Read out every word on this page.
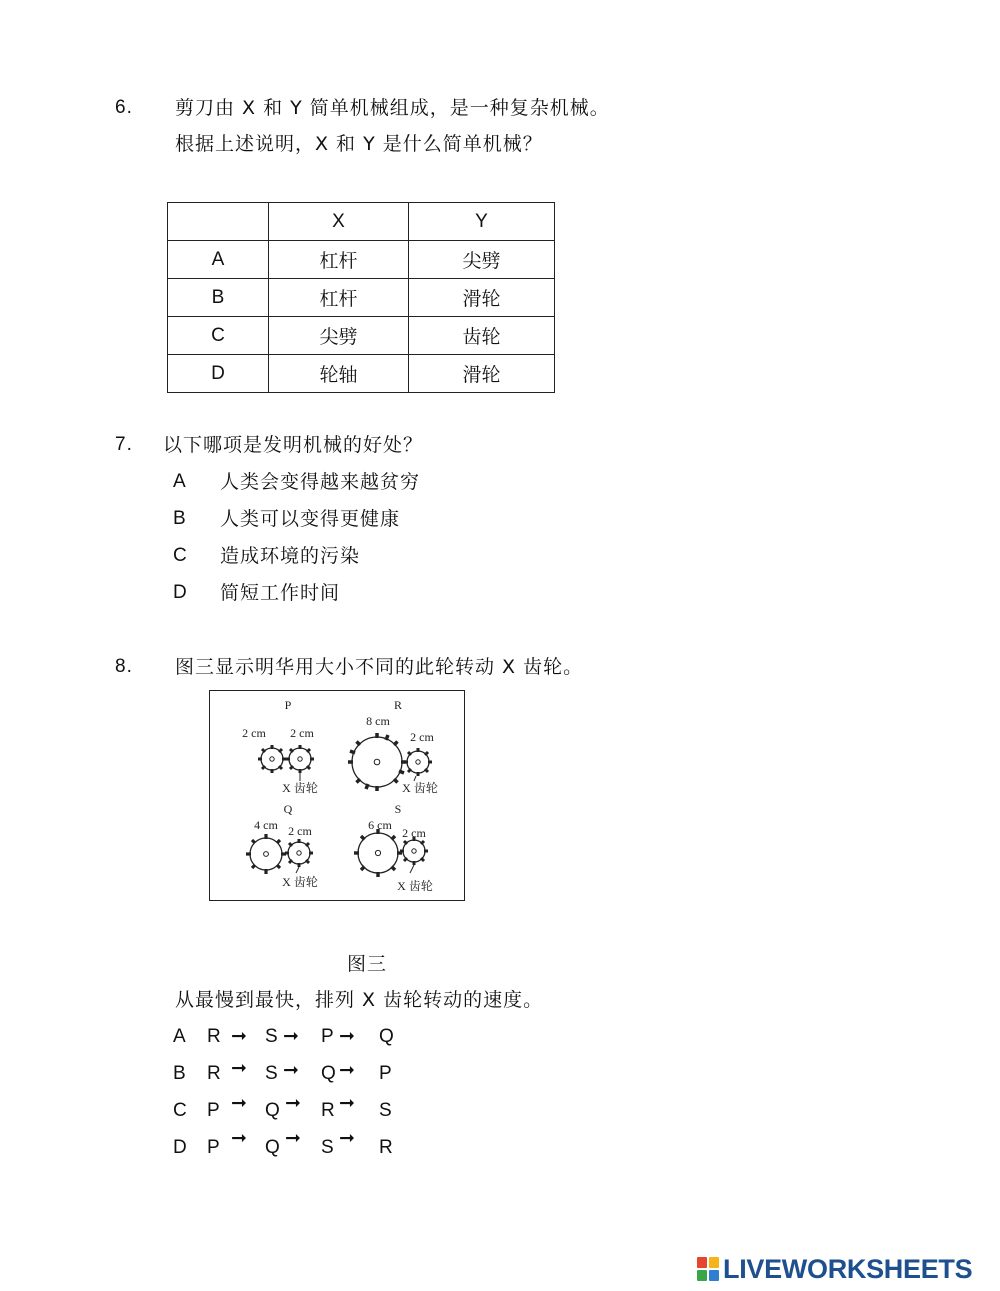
6. 剪刀由 X 和 Y 简单机械组成，是一种复杂机械。
根据上述说明，X 和 Y 是什么简单机械？
	X	Y
A	杠杆	尖劈
B	杠杆	滑轮
C	尖劈	齿轮
D	轮轴	滑轮
7. 以下哪项是发明机械的好处？
A 人类会变得越来越贫穷
B 人类可以变得更健康
C 造成环境的污染
D 简短工作时间
8. 图三显示明华用大小不同的此轮转动 X 齿轮。
P
2 cm 2 cm
X 齿轮
R
8 cm
2 cm
X 齿轮
Q
4 cm 2 cm
X 齿轮
S
6 cm
2 cm
X 齿轮
图三
从最慢到最快，排列 X 齿轮转动的速度。
A R ➞ S ➞ P ➞ Q
B R ➞ S ➞ Q ➞ P
C P ➞ Q ➞ R ➞ S
D P ➞ Q ➞ S ➞ R
LIVEWORKSHEETS
